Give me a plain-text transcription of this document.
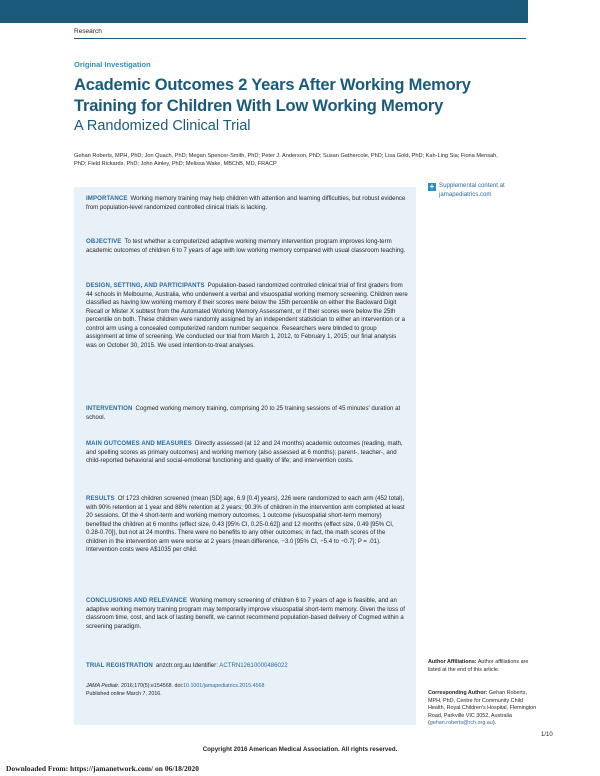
Research
Original Investigation
Academic Outcomes 2 Years After Working Memory Training for Children With Low Working Memory
A Randomized Clinical Trial
Gehan Roberts, MPH, PhD; Jon Quach, PhD; Megan Spencer-Smith, PhD; Peter J. Anderson, PhD; Susan Gathercole, PhD; Lisa Gold, PhD; Kah-Ling Sia; Fiona Mensah, PhD; Field Rickards, PhD; John Ainley, PhD; Melissa Wake, MBChB, MD, FRACP
IMPORTANCE Working memory training may help children with attention and learning difficulties, but robust evidence from population-level randomized controlled clinical trials is lacking.
OBJECTIVE To test whether a computerized adaptive working memory intervention program improves long-term academic outcomes of children 6 to 7 years of age with low working memory compared with usual classroom teaching.
DESIGN, SETTING, AND PARTICIPANTS Population-based randomized controlled clinical trial of first graders from 44 schools in Melbourne, Australia, who underwent a verbal and visuospatial working memory screening. Children were classified as having low working memory if their scores were below the 15th percentile on either the Backward Digit Recall or Mister X subtest from the Automated Working Memory Assessment, or if their scores were below the 25th percentile on both. These children were randomly assigned by an independent statistician to either an intervention or a control arm using a concealed computerized random number sequence. Researchers were blinded to group assignment at time of screening. We conducted our trial from March 1, 2012, to February 1, 2015; our final analysis was on October 30, 2015. We used intention-to-treat analyses.
INTERVENTION Cogmed working memory training, comprising 20 to 25 training sessions of 45 minutes' duration at school.
MAIN OUTCOMES AND MEASURES Directly assessed (at 12 and 24 months) academic outcomes (reading, math, and spelling scores as primary outcomes) and working memory (also assessed at 6 months); parent-, teacher-, and child-reported behavioral and social-emotional functioning and quality of life; and intervention costs.
RESULTS Of 1723 children screened (mean [SD] age, 6.9 [0.4] years), 226 were randomized to each arm (452 total), with 90% retention at 1 year and 88% retention at 2 years; 90.3% of children in the intervention arm completed at least 20 sessions. Of the 4 short-term and working memory outcomes, 1 outcome (visuospatial short-term memory) benefited the children at 6 months (effect size, 0.43 [95% CI, 0.25-0.62]) and 12 months (effect size, 0.49 [95% CI, 0.28-0.70]), but not at 24 months. There were no benefits to any other outcomes; in fact, the math scores of the children in the intervention arm were worse at 2 years (mean difference, −3.0 [95% CI, −5.4 to −0.7]; P = .01). Intervention costs were A$1035 per child.
CONCLUSIONS AND RELEVANCE Working memory screening of children 6 to 7 years of age is feasible, and an adaptive working memory training program may temporarily improve visuospatial short-term memory. Given the loss of classroom time, cost, and lack of lasting benefit, we cannot recommend population-based delivery of Cogmed within a screening paradigm.
TRIAL REGISTRATION anzctr.org.au Identifier: ACTRN12610000486022
JAMA Pediatr. 2016;170(5):e154568. doi:10.1001/jamapediatrics.2015.4568
Published online March 7, 2016.
+ Supplemental content at jamapediatrics.com
Author Affiliations: Author affiliations are listed at the end of this article.
Corresponding Author: Gehan Roberts, MPH, PhD, Centre for Community Child Health, Royal Children's Hospital, Flemington Road, Parkville VIC 3052, Australia (gehan.roberts@rch.org.au).
1/10
Copyright 2016 American Medical Association. All rights reserved.
Downloaded From: https://jamanetwork.com/ on 06/18/2020
